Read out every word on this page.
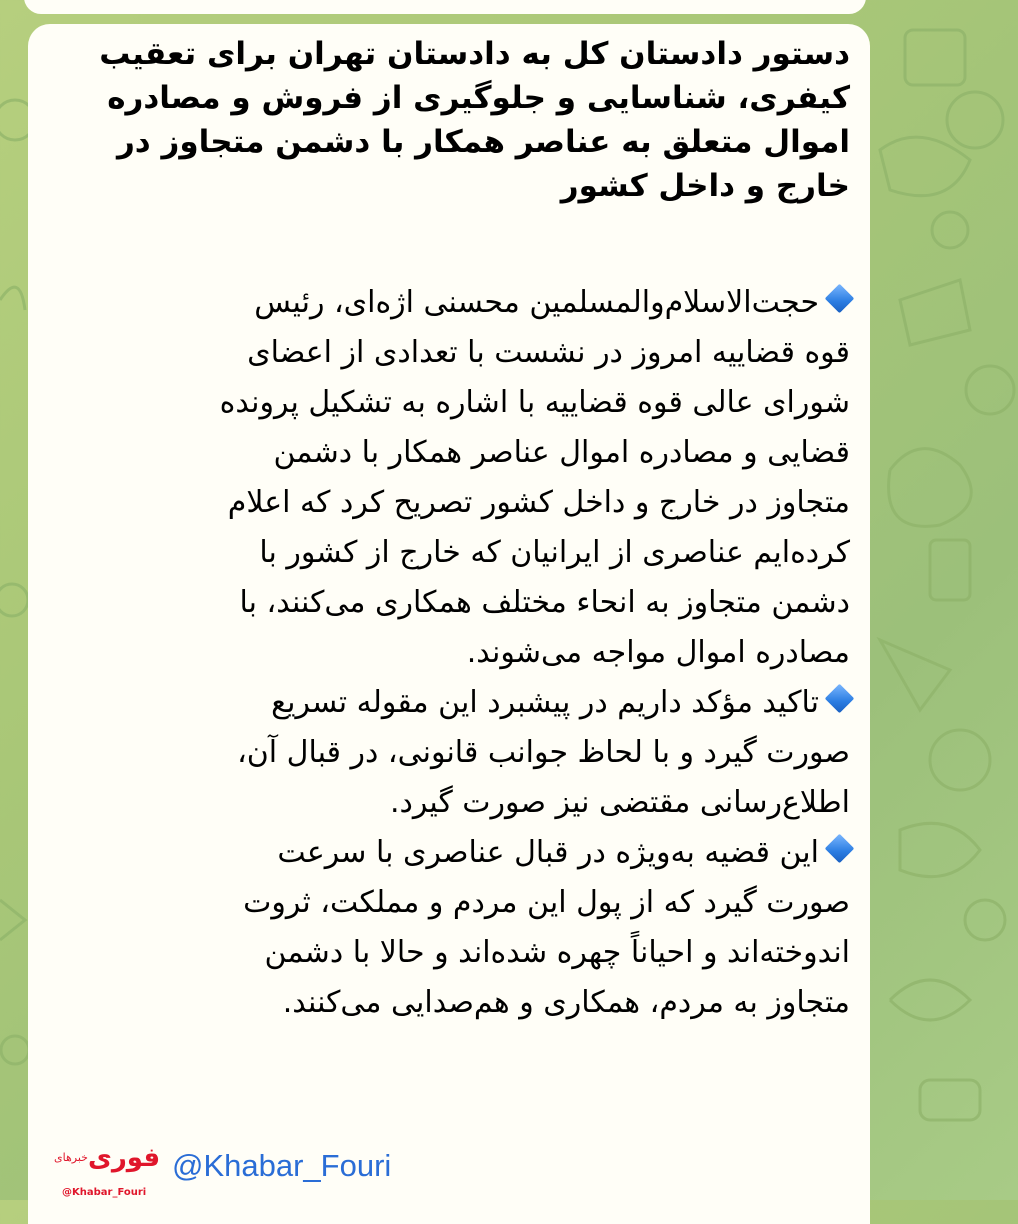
دستور دادستان کل به دادستان تهران برای تعقیب
کیفری، شناسایی و جلوگیری از فروش و مصادره
اموال متعلق به عناصر همکار با دشمن متجاوز در
خارج و داخل کشور

حجت‌الاسلام‌والمسلمین محسنی اژه‌ای، رئیس
قوه قضاییه امروز در نشست با تعدادی از اعضای
شورای عالی قوه قضاییه با اشاره به تشکیل پرونده
قضایی و مصادره اموال عناصر همکار با دشمن
متجاوز در خارج و داخل کشور تصریح کرد که اعلام
کرده‌ایم عناصری از ایرانیان که خارج از کشور با
دشمن متجاوز به انحاء مختلف همکاری می‌کنند، با
مصادره اموال مواجه می‌شوند.

تاکید مؤکد داریم در پیشبرد این مقوله تسریع
صورت گیرد و با لحاظ جوانب قانونی، در قبال آن،
اطلاع‌رسانی مقتضی نیز صورت گیرد.

این قضیه به‌ویژه در قبال عناصری با سرعت
صورت گیرد که از پول این مردم و مملکت، ثروت
اندوخته‌اند و احیاناً چهره شده‌اند و حالا با دشمن
متجاوز به مردم، همکاری و هم‌صدایی می‌کنند.

خبرهای فوری
@Khabar_Fouri
@Khabar_Fouri
